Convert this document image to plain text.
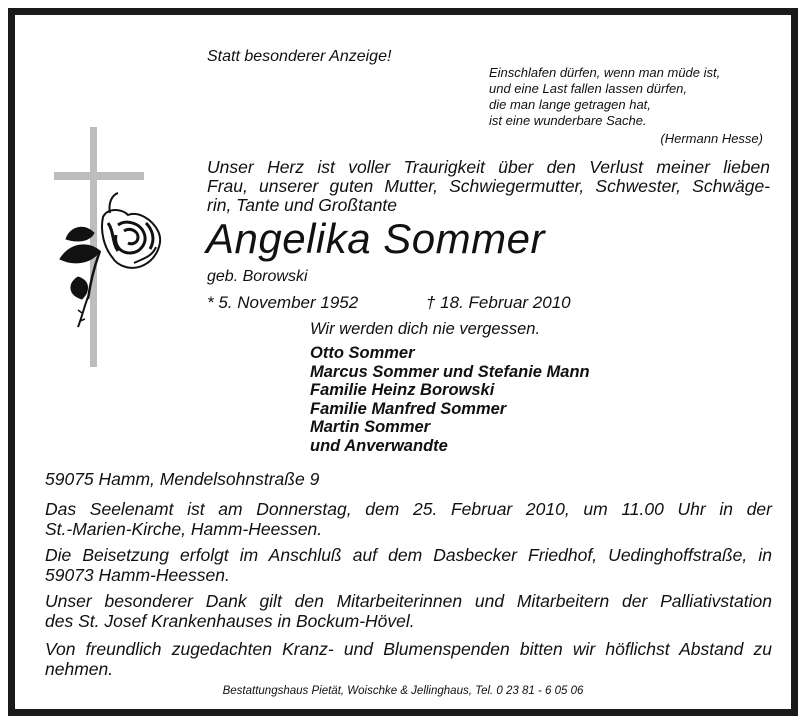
Statt besonderer Anzeige!
Einschlafen dürfen, wenn man müde ist,
und eine Last fallen lassen dürfen,
die man lange getragen hat,
ist eine wunderbare Sache.
(Hermann Hesse)
Unser Herz ist voller Traurigkeit über den Verlust meiner lieben
Frau, unserer guten Mutter, Schwiegermutter, Schwester, Schwäge-
rin, Tante und Großtante
Angelika Sommer
geb. Borowski
* 5. November 1952	† 18. Februar 2010
Wir werden dich nie vergessen.
Otto Sommer
Marcus Sommer und Stefanie Mann
Familie Heinz Borowski
Familie Manfred Sommer
Martin Sommer
und Anverwandte
59075 Hamm, Mendelsohnstraße 9
Das Seelenamt ist am Donnerstag, dem 25. Februar 2010, um 11.00 Uhr in der
St.-Marien-Kirche, Hamm-Heessen.
Die Beisetzung erfolgt im Anschluß auf dem Dasbecker Friedhof, Uedinghoffstraße, in
59073 Hamm-Heessen.
Unser besonderer Dank gilt den Mitarbeiterinnen und Mitarbeitern der Palliativstation
des St. Josef Krankenhauses in Bockum-Hövel.
Von freundlich zugedachten Kranz- und Blumenspenden bitten wir höflichst Abstand zu
nehmen.
Bestattungshaus Pietät, Woischke & Jellinghaus, Tel. 0 23 81 - 6 05 06
